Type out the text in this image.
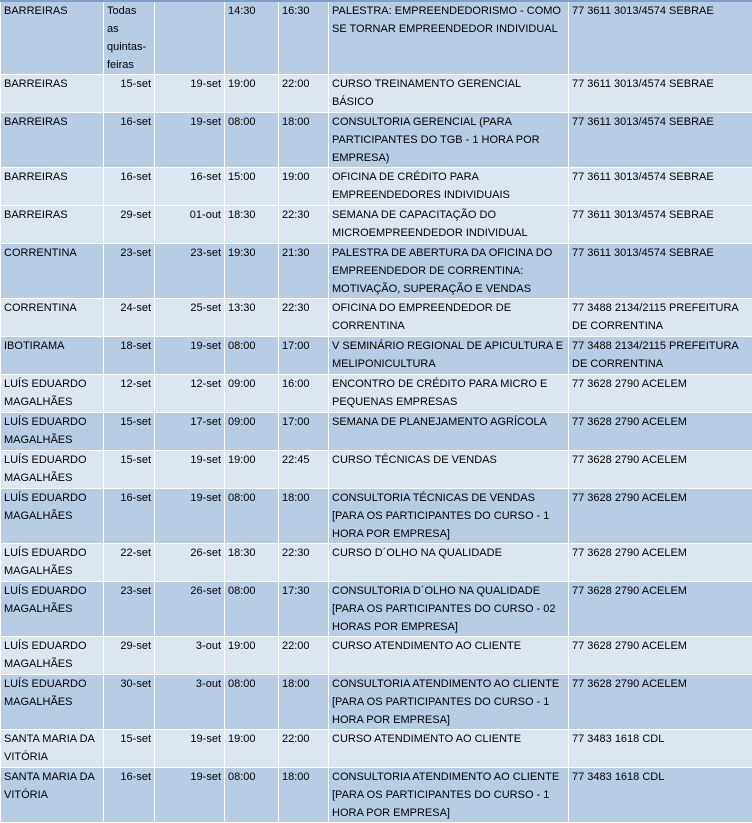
BARREIRAS	Todas as quintas-feiras		14:30	16:30	PALESTRA: EMPREENDEDORISMO - COMO SE TORNAR EMPREENDEDOR INDIVIDUAL	77 3611 3013/4574 SEBRAE
BARREIRAS	15-set	19-set	19:00	22:00	CURSO TREINAMENTO GERENCIAL BÁSICO	77 3611 3013/4574 SEBRAE
BARREIRAS	16-set	19-set	08:00	18:00	CONSULTORIA GERENCIAL (PARA PARTICIPANTES DO TGB - 1 HORA POR EMPRESA)	77 3611 3013/4574 SEBRAE
BARREIRAS	16-set	16-set	15:00	19:00	OFICINA DE CRÉDITO PARA EMPREENDEDORES INDIVIDUAIS	77 3611 3013/4574 SEBRAE
BARREIRAS	29-set	01-out	18:30	22:30	SEMANA DE CAPACITAÇÃO DO MICROEMPREENDEDOR INDIVIDUAL	77 3611 3013/4574 SEBRAE
CORRENTINA	23-set	23-set	19:30	21:30	PALESTRA DE ABERTURA DA OFICINA DO EMPREENDEDOR DE CORRENTINA: MOTIVAÇÃO, SUPERAÇÃO E VENDAS	77 3611 3013/4574 SEBRAE
CORRENTINA	24-set	25-set	13:30	22:30	OFICINA DO EMPREENDEDOR DE CORRENTINA	77 3488 2134/2115 PREFEITURA DE CORRENTINA
IBOTIRAMA	18-set	19-set	08:00	17:00	V SEMINÁRIO REGIONAL DE APICULTURA E MELIPONICULTURA	77 3488 2134/2115 PREFEITURA DE CORRENTINA
LUÍS EDUARDO MAGALHÃES	12-set	12-set	09:00	16:00	ENCONTRO DE CRÉDITO PARA MICRO E PEQUENAS EMPRESAS	77 3628 2790 ACELEM
LUÍS EDUARDO MAGALHÃES	15-set	17-set	09:00	17:00	SEMANA DE PLANEJAMENTO AGRÍCOLA	77 3628 2790 ACELEM
LUÍS EDUARDO MAGALHÃES	15-set	19-set	19:00	22:45	CURSO TÉCNICAS DE VENDAS	77 3628 2790 ACELEM
LUÍS EDUARDO MAGALHÃES	16-set	19-set	08:00	18:00	CONSULTORIA TÉCNICAS DE VENDAS [PARA OS PARTICIPANTES DO CURSO - 1 HORA POR EMPRESA]	77 3628 2790 ACELEM
LUÍS EDUARDO MAGALHÃES	22-set	26-set	18:30	22:30	CURSO D´OLHO NA QUALIDADE	77 3628 2790 ACELEM
LUÍS EDUARDO MAGALHÃES	23-set	26-set	08:00	17:30	CONSULTORIA D´OLHO NA QUALIDADE [PARA OS PARTICIPANTES DO CURSO - 02 HORAS POR EMPRESA]	77 3628 2790 ACELEM
LUÍS EDUARDO MAGALHÃES	29-set	3-out	19:00	22:00	CURSO ATENDIMENTO AO CLIENTE	77 3628 2790 ACELEM
LUÍS EDUARDO MAGALHÃES	30-set	3-out	08:00	18:00	CONSULTORIA ATENDIMENTO AO CLIENTE [PARA OS PARTICIPANTES DO CURSO - 1 HORA POR EMPRESA]	77 3628 2790 ACELEM
SANTA MARIA DA VITÓRIA	15-set	19-set	19:00	22:00	CURSO ATENDIMENTO AO CLIENTE	77 3483 1618 CDL
SANTA MARIA DA VITÓRIA	16-set	19-set	08:00	18:00	CONSULTORIA ATENDIMENTO AO CLIENTE [PARA OS PARTICIPANTES DO CURSO - 1 HORA POR EMPRESA]	77 3483 1618 CDL
